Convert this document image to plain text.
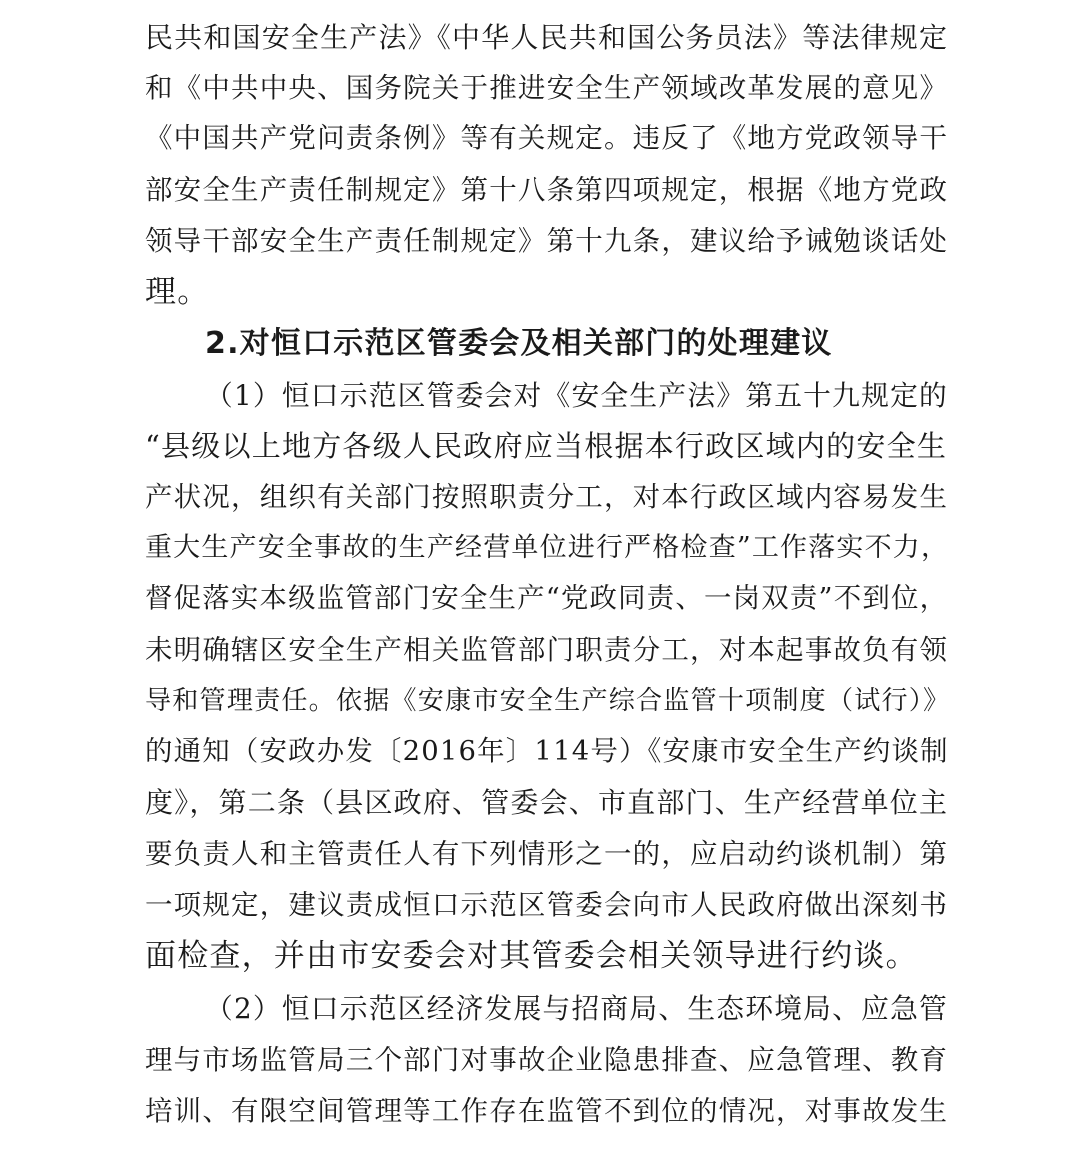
民共和国安全生产法》《中华人民共和国公务员法》等法律规定
和《中共中央、国务院关于推进安全生产领域改革发展的意见》
《中国共产党问责条例》等有关规定。违反了《地方党政领导干
部安全生产责任制规定》第十八条第四项规定，根据《地方党政
领导干部安全生产责任制规定》第十九条，建议给予诫勉谈话处
理。
2.对恒口示范区管委会及相关部门的处理建议
（1）恒口示范区管委会对《安全生产法》第五十九规定的
“县级以上地方各级人民政府应当根据本行政区域内的安全生
产状况，组织有关部门按照职责分工，对本行政区域内容易发生
重大生产安全事故的生产经营单位进行严格检查”工作落实不力，
督促落实本级监管部门安全生产“党政同责、一岗双责”不到位，
未明确辖区安全生产相关监管部门职责分工，对本起事故负有领
导和管理责任。依据《安康市安全生产综合监管十项制度（试行）》
的通知（安政办发〔2016年〕114号）《安康市安全生产约谈制
度》，第二条（县区政府、管委会、市直部门、生产经营单位主
要负责人和主管责任人有下列情形之一的，应启动约谈机制）第
一项规定，建议责成恒口示范区管委会向市人民政府做出深刻书
面检查，并由市安委会对其管委会相关领导进行约谈。
（2）恒口示范区经济发展与招商局、生态环境局、应急管
理与市场监管局三个部门对事故企业隐患排查、应急管理、教育
培训、有限空间管理等工作存在监管不到位的情况，对事故发生
